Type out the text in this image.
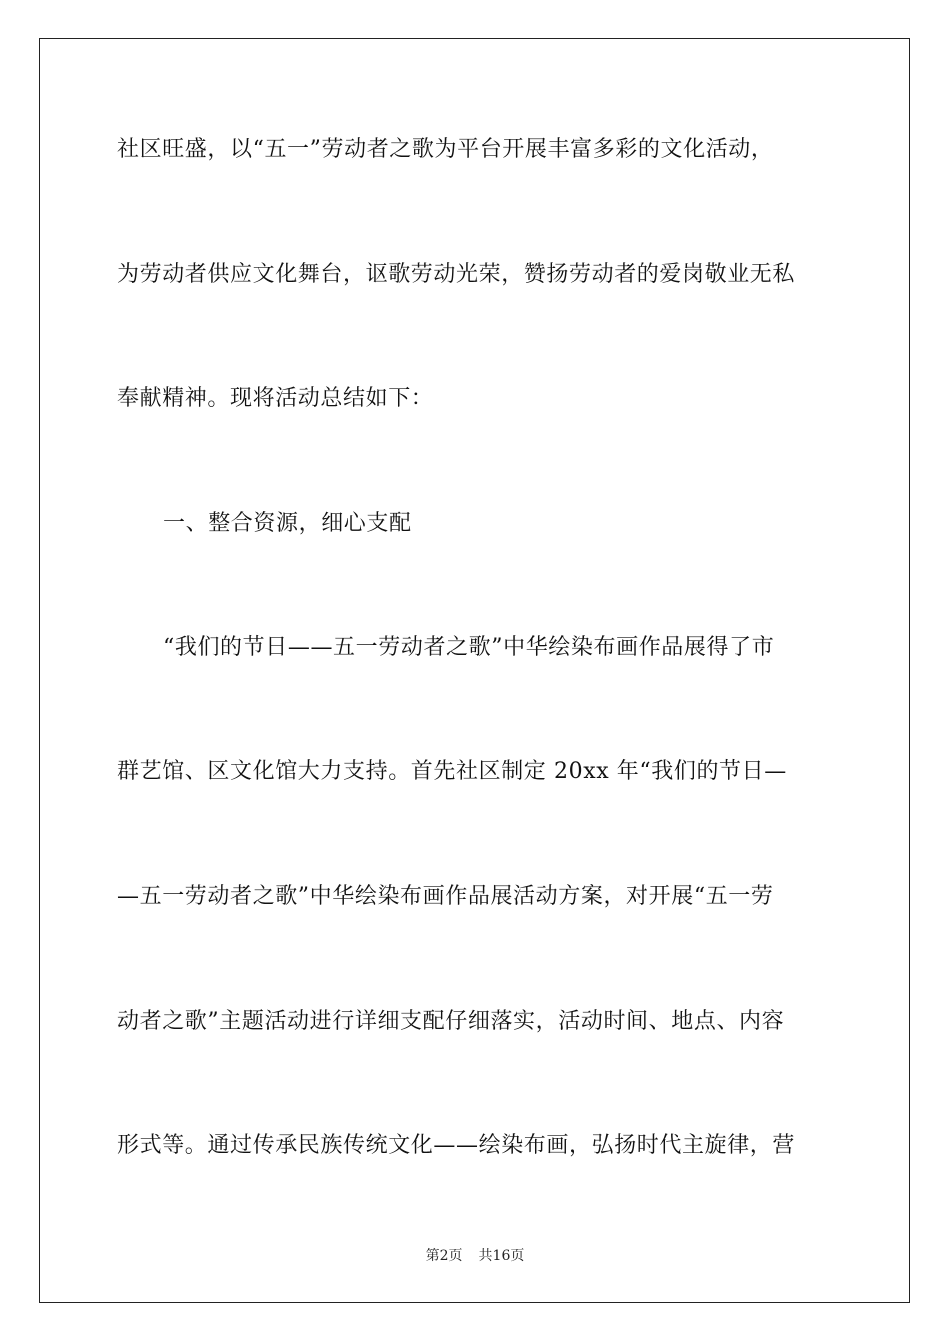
社区旺盛，以“五一”劳动者之歌为平台开展丰富多彩的文化活动，
为劳动者供应文化舞台，讴歌劳动光荣，赞扬劳动者的爱岗敬业无私
奉献精神。现将活动总结如下：
一、整合资源，细心支配
“我们的节日——五一劳动者之歌”中华绘染布画作品展得了市
群艺馆、区文化馆大力支持。首先社区制定 20xx 年“我们的节日—
—五一劳动者之歌”中华绘染布画作品展活动方案，对开展“五一劳
动者之歌”主题活动进行详细支配仔细落实，活动时间、地点、内容
形式等。通过传承民族传统文化——绘染布画，弘扬时代主旋律，营
第2页 共16页
